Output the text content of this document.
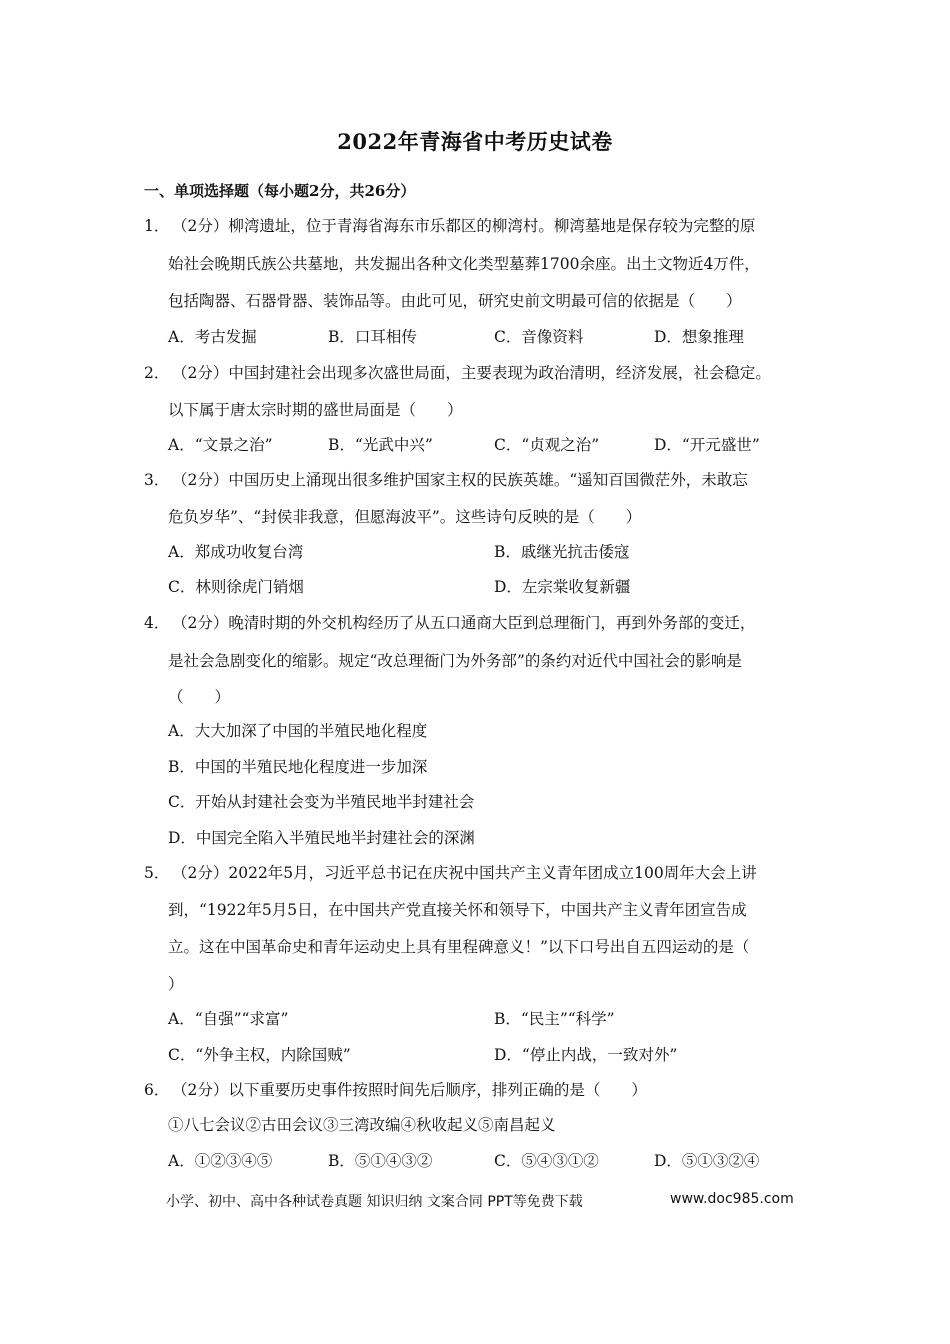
2022年青海省中考历史试卷
一、单项选择题（每小题2分，共26分）
1． （2分）柳湾遗址，位于青海省海东市乐都区的柳湾村。柳湾墓地是保存较为完整的原
始社会晚期氏族公共墓地，共发掘出各种文化类型墓葬1700余座。出土文物近4万件，
包括陶器、石器骨器、装饰品等。由此可见，研究史前文明最可信的依据是（　　）
A．考古发掘	B．口耳相传	C．音像资料	D．想象推理
2． （2分）中国封建社会出现多次盛世局面，主要表现为政治清明，经济发展，社会稳定。
以下属于唐太宗时期的盛世局面是（　　）
A．“文景之治”	B．“光武中兴”	C．“贞观之治”	D．“开元盛世”
3． （2分）中国历史上涌现出很多维护国家主权的民族英雄。“遥知百国微茫外，未敢忘
危负岁华”、“封侯非我意，但愿海波平”。这些诗句反映的是（　　）
A．郑成功收复台湾	B．戚继光抗击倭寇
C．林则徐虎门销烟	D．左宗棠收复新疆
4． （2分）晚清时期的外交机构经历了从五口通商大臣到总理衙门，再到外务部的变迁，
是社会急剧变化的缩影。规定“改总理衙门为外务部”的条约对近代中国社会的影响是
（　　）
A．大大加深了中国的半殖民地化程度
B．中国的半殖民地化程度进一步加深
C．开始从封建社会变为半殖民地半封建社会
D．中国完全陷入半殖民地半封建社会的深渊
5． （2分）2022年5月，习近平总书记在庆祝中国共产主义青年团成立100周年大会上讲
到，“1922年5月5日，在中国共产党直接关怀和领导下，中国共产主义青年团宣告成
立。这在中国革命史和青年运动史上具有里程碑意义！”以下口号出自五四运动的是（
）
A．“自强”“求富”	B．“民主”“科学”
C．“外争主权，内除国贼”	D．“停止内战，一致对外”
6． （2分）以下重要历史事件按照时间先后顺序，排列正确的是（　　）
①八七会议②古田会议③三湾改编④秋收起义⑤南昌起义
A．①②③④⑤	B．⑤①④③②	C．⑤④③①②	D．⑤①③②④
小学、初中、高中各种试卷真题 知识归纳 文案合同 PPT等免费下载	www.doc985.com
